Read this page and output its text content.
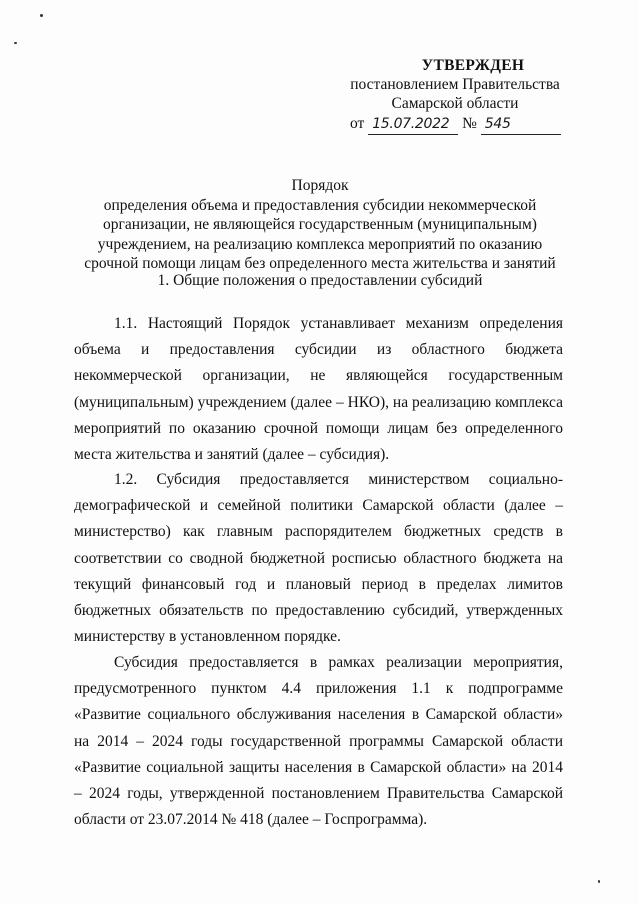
УТВЕРЖДЕН
постановлением Правительства
Самарской области
от 15.07.2022 № 545
Порядок
определения объема и предоставления субсидии некоммерческой
организации, не являющейся государственным (муниципальным)
учреждением, на реализацию комплекса мероприятий по оказанию
срочной помощи лицам без определенного места жительства и занятий
1. Общие положения о предоставлении субсидий
1.1. Настоящий Порядок устанавливает механизм определения объема и предоставления субсидии из областного бюджета некоммерческой организации, не являющейся государственным (муниципальным) учреждением (далее – НКО), на реализацию комплекса мероприятий по оказанию срочной помощи лицам без определенного места жительства и занятий (далее – субсидия).
1.2. Субсидия предоставляется министерством социально-демографической и семейной политики Самарской области (далее – министерство) как главным распорядителем бюджетных средств в соответствии со сводной бюджетной росписью областного бюджета на текущий финансовый год и плановый период в пределах лимитов бюджетных обязательств по предоставлению субсидий, утвержденных министерству в установленном порядке.
Субсидия предоставляется в рамках реализации мероприятия, предусмотренного пунктом 4.4 приложения 1.1 к подпрограмме «Развитие социального обслуживания населения в Самарской области» на 2014 – 2024 годы государственной программы Самарской области «Развитие социальной защиты населения в Самарской области» на 2014 – 2024 годы, утвержденной постановлением Правительства Самарской области от 23.07.2014 № 418 (далее – Госпрограмма).
